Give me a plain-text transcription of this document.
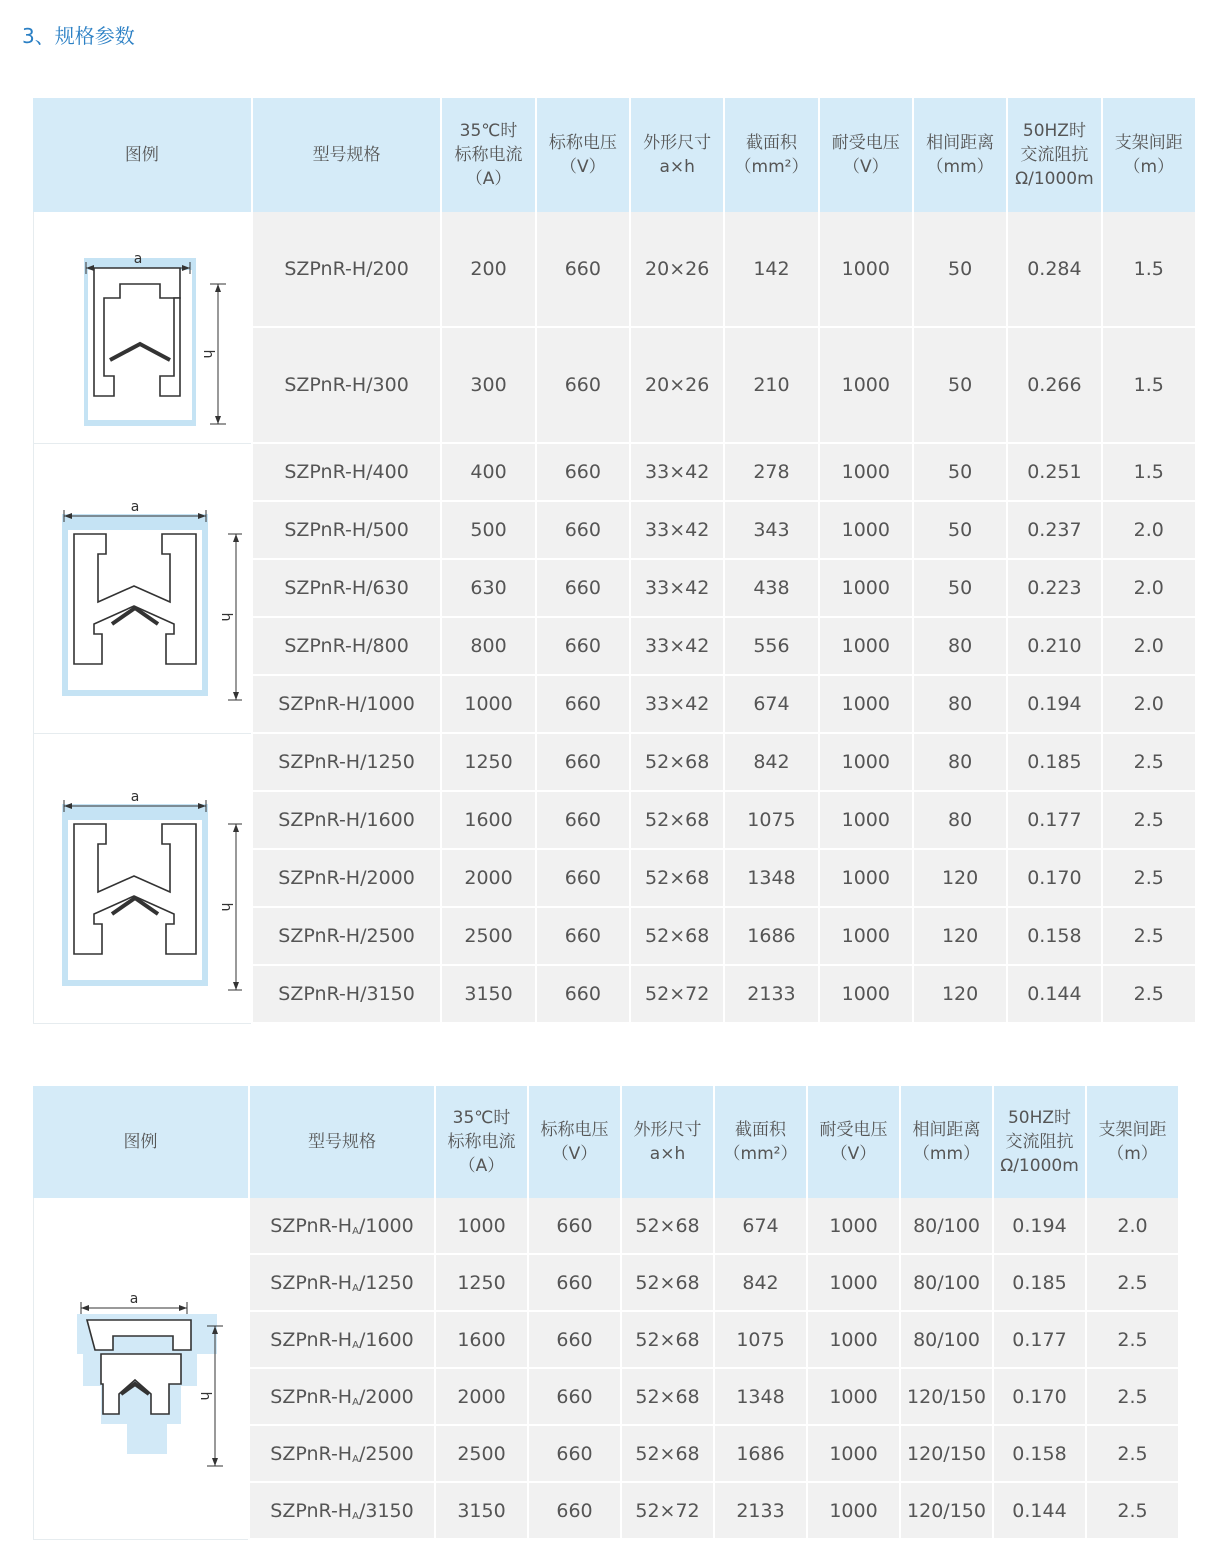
3、规格参数
图例	型号规格	35℃时
标称电流
（A）	标称电压
（V）	外形尺寸
a×h	截面积
（mm²）	耐受电压
（V）	相间距离
（mm）	50HZ时
交流阻抗
Ω/1000m	支架间距
（m）

a
h	SZPnR-H/200	200	660	20×26	142	1000	50	0.284	1.5
	SZPnR-H/300	300	660	20×26	210	1000	50	0.266	1.5

a
h	SZPnR-H/400	400	660	33×42	278	1000	50	0.251	1.5
	SZPnR-H/500	500	660	33×42	343	1000	50	0.237	2.0
	SZPnR-H/630	630	660	33×42	438	1000	50	0.223	2.0
	SZPnR-H/800	800	660	33×42	556	1000	80	0.210	2.0
	SZPnR-H/1000	1000	660	33×42	674	1000	80	0.194	2.0

a
h	SZPnR-H/1250	1250	660	52×68	842	1000	80	0.185	2.5
	SZPnR-H/1600	1600	660	52×68	1075	1000	80	0.177	2.5
	SZPnR-H/2000	2000	660	52×68	1348	1000	120	0.170	2.5
	SZPnR-H/2500	2500	660	52×68	1686	1000	120	0.158	2.5
	SZPnR-H/3150	3150	660	52×72	2133	1000	120	0.144	2.5
图例	型号规格	35℃时
标称电流
（A）	标称电压
（V）	外形尺寸
a×h	截面积
（mm²）	耐受电压
（V）	相间距离
（mm）	50HZ时
交流阻抗
Ω/1000m	支架间距
（m）

a
h	SZPnR-$H_A/1000$	1000	660	52×68	674	1000	80/100	0.194	2.0
	SZPnR-$H_A/1250$	1250	660	52×68	842	1000	80/100	0.185	2.5
	SZPnR-$H_A/1600$	1600	660	52×68	1075	1000	80/100	0.177	2.5
	SZPnR-$H_A/2000$	2000	660	52×68	1348	1000	120/150	0.170	2.5
	SZPnR-$H_A/2500$	2500	660	52×68	1686	1000	120/150	0.158	2.5
	SZPnR-$H_A/3150$	3150	660	52×72	2133	1000	120/150	0.144	2.5
